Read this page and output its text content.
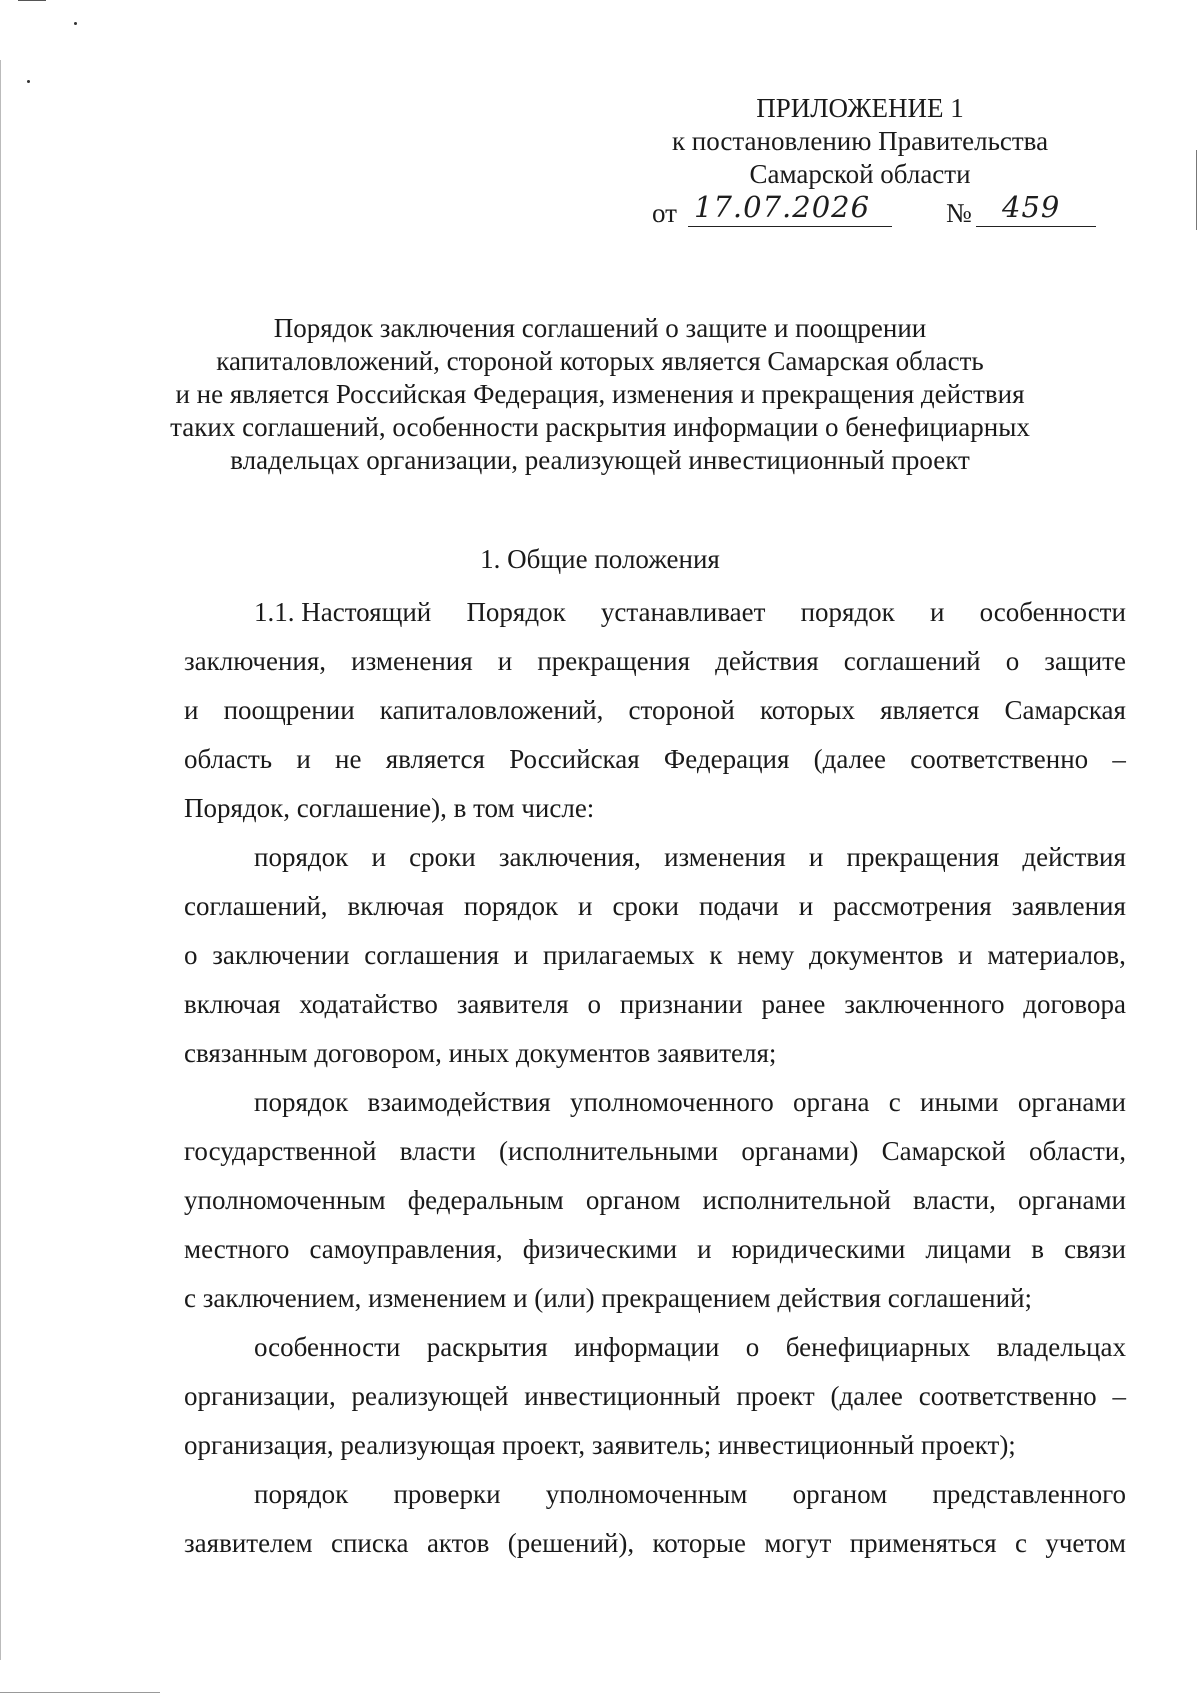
ПРИЛОЖЕНИЕ 1
к постановлению Правительства
Самарской области
от 17.07.2026	№ 459
Порядок заключения соглашений о защите и поощрении
капиталовложений, стороной которых является Самарская область
и не является Российская Федерация, изменения и прекращения действия
таких соглашений, особенности раскрытия информации о бенефициарных
владельцах организации, реализующей инвестиционный проект
1. Общие положения
1.1. Настоящий Порядок устанавливает порядок и особенности
заключения, изменения и прекращения действия соглашений о защите
и поощрении капиталовложений, стороной которых является Самарская
область и не является Российская Федерация (далее соответственно –
Порядок, соглашение), в том числе:
порядок и сроки заключения, изменения и прекращения действия
соглашений, включая порядок и сроки подачи и рассмотрения заявления
о заключении соглашения и прилагаемых к нему документов и материалов,
включая ходатайство заявителя о признании ранее заключенного договора
связанным договором, иных документов заявителя;
порядок взаимодействия уполномоченного органа с иными органами
государственной власти (исполнительными органами) Самарской области,
уполномоченным федеральным органом исполнительной власти, органами
местного самоуправления, физическими и юридическими лицами в связи
с заключением, изменением и (или) прекращением действия соглашений;
особенности раскрытия информации о бенефициарных владельцах
организации, реализующей инвестиционный проект (далее соответственно –
организация, реализующая проект, заявитель; инвестиционный проект);
порядок проверки уполномоченным органом представленного
заявителем списка актов (решений), которые могут применяться с учетом
